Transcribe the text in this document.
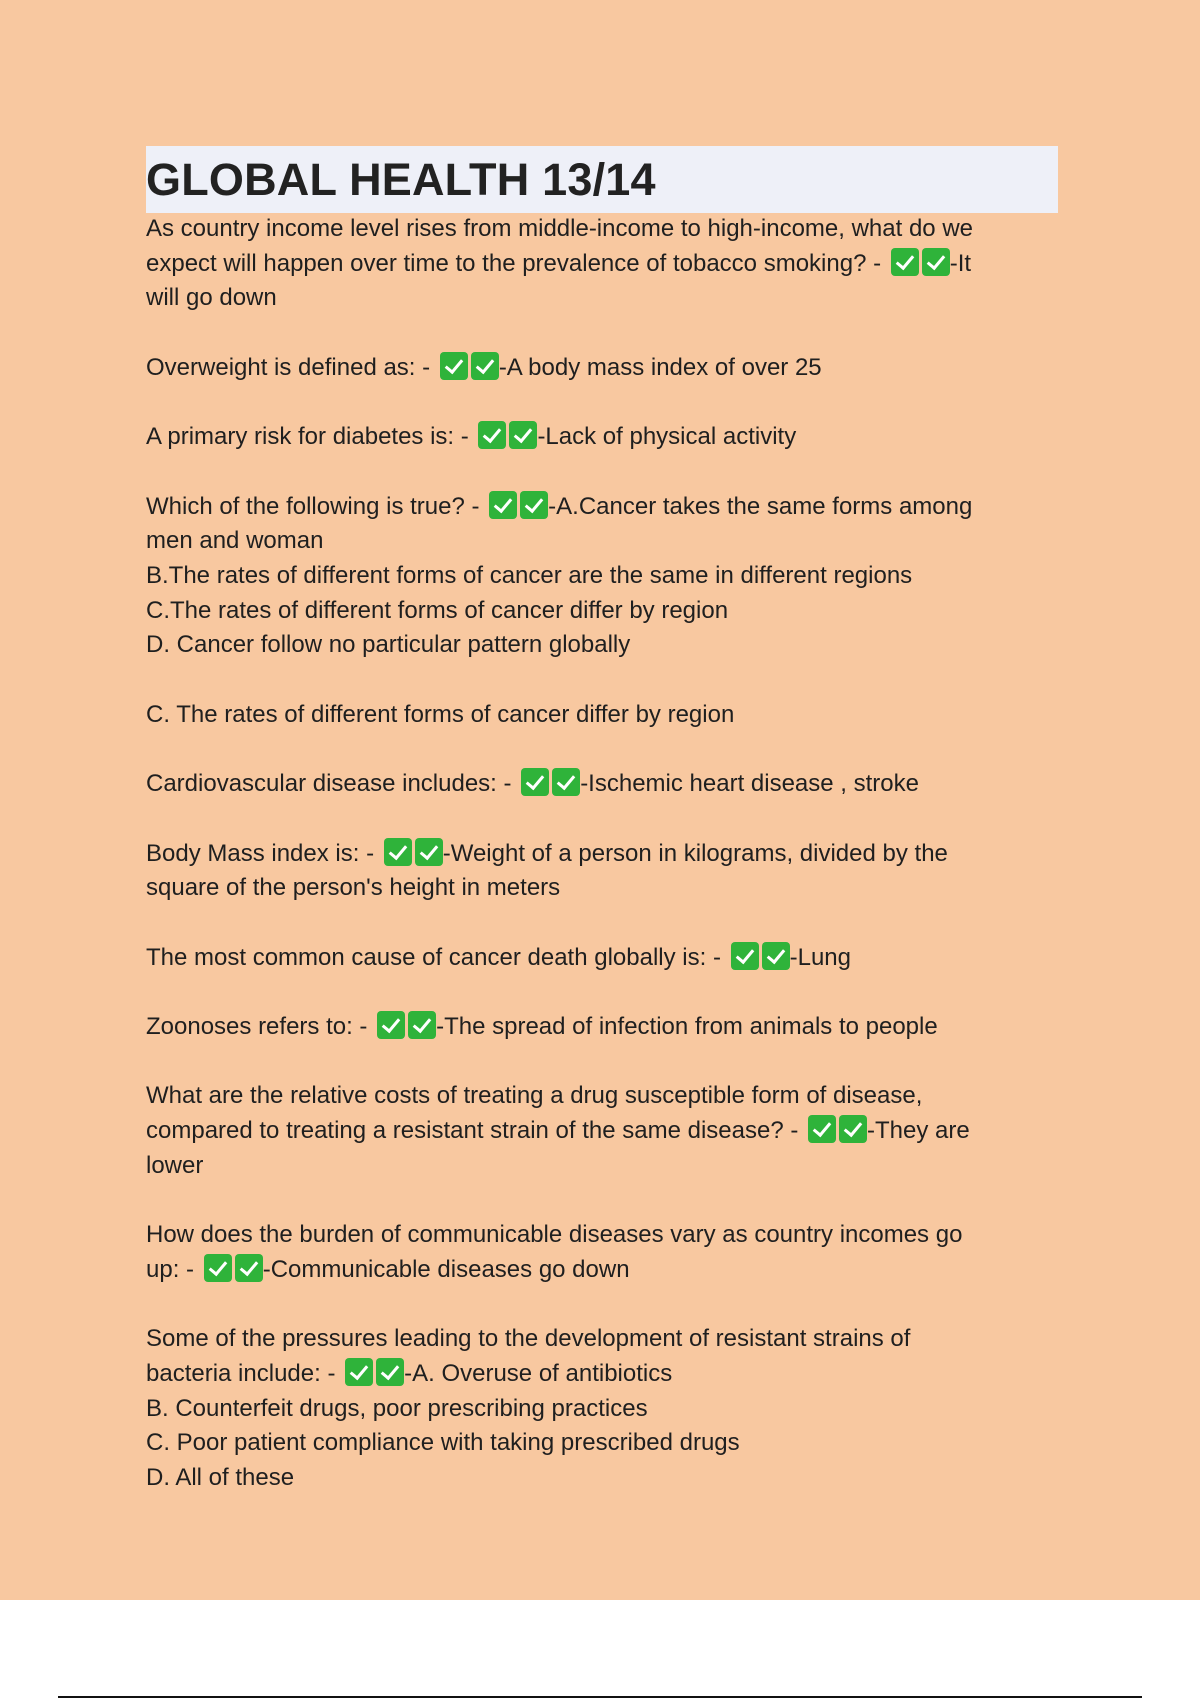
GLOBAL HEALTH 13/14
As country income level rises from middle-income to high-income, what do we
expect will happen over time to the prevalence of tobacco smoking? -	-It
will go down
Overweight is defined as: -	-A body mass index of over 25
A primary risk for diabetes is: -	-Lack of physical activity
Which of the following is true? -	-A.Cancer takes the same forms among
men and woman
B.The rates of different forms of cancer are the same in different regions
C.The rates of different forms of cancer differ by region
D. Cancer follow no particular pattern globally
C. The rates of different forms of cancer differ by region
Cardiovascular disease includes: -	-Ischemic heart disease , stroke
Body Mass index is: -	-Weight of a person in kilograms, divided by the
square of the person's height in meters
The most common cause of cancer death globally is: -	-Lung
Zoonoses refers to: -	-The spread of infection from animals to people
What are the relative costs of treating a drug susceptible form of disease,
compared to treating a resistant strain of the same disease? -	-They are
lower
How does the burden of communicable diseases vary as country incomes go
up: -	-Communicable diseases go down
Some of the pressures leading to the development of resistant strains of
bacteria include: -	-A. Overuse of antibiotics
B. Counterfeit drugs, poor prescribing practices
C. Poor patient compliance with taking prescribed drugs
D. All of these
